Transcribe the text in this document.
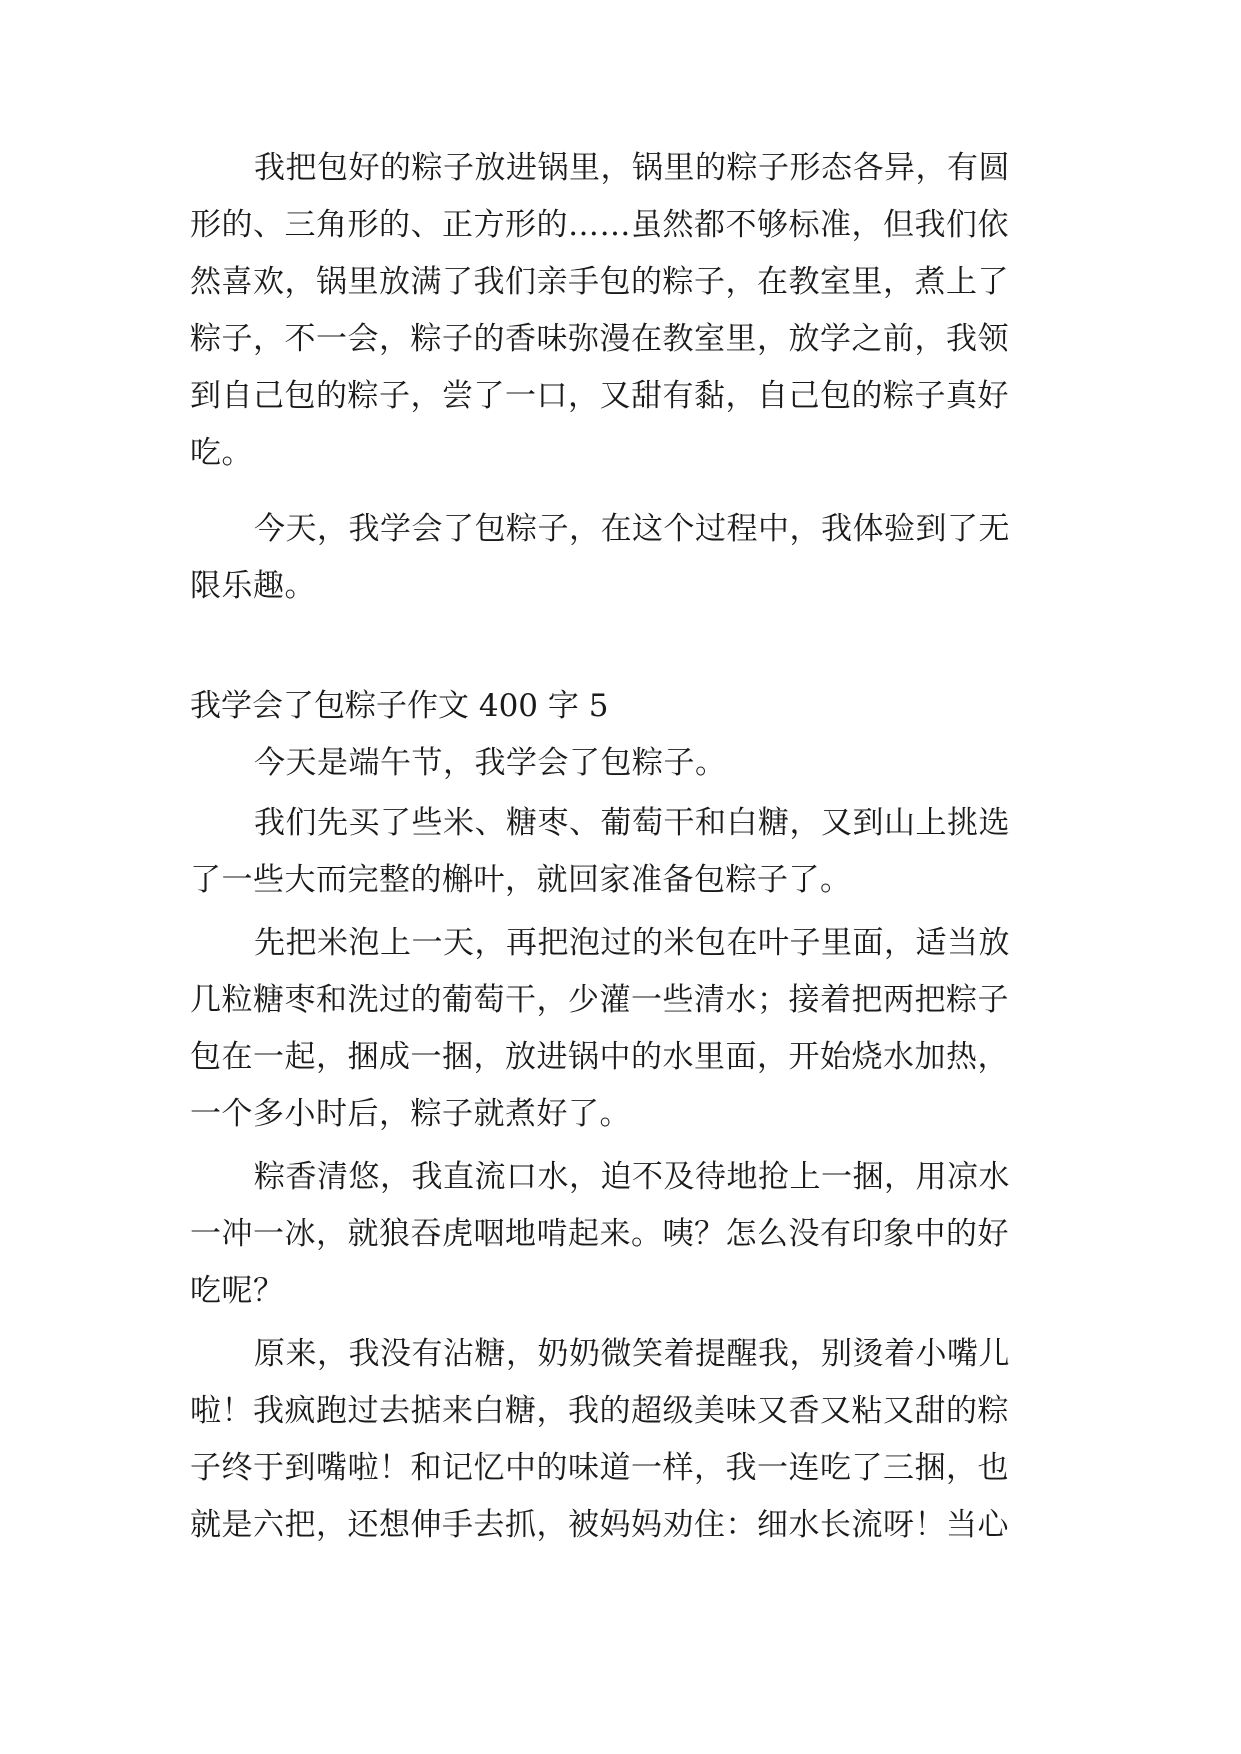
我把包好的粽子放进锅里，锅里的粽子形态各异，有圆
形的、三角形的、正方形的……虽然都不够标准，但我们依
然喜欢，锅里放满了我们亲手包的粽子，在教室里，煮上了
粽子，不一会，粽子的香味弥漫在教室里，放学之前，我领
到自己包的粽子，尝了一口，又甜有黏，自己包的粽子真好
吃。
今天，我学会了包粽子，在这个过程中，我体验到了无
限乐趣。
我学会了包粽子作文 400 字 5
今天是端午节，我学会了包粽子。
我们先买了些米、糖枣、葡萄干和白糖，又到山上挑选
了一些大而完整的槲叶，就回家准备包粽子了。
先把米泡上一天，再把泡过的米包在叶子里面，适当放
几粒糖枣和洗过的葡萄干，少灌一些清水；接着把两把粽子
包在一起，捆成一捆，放进锅中的水里面，开始烧水加热，
一个多小时后，粽子就煮好了。
粽香清悠，我直流口水，迫不及待地抢上一捆，用凉水
一冲一冰，就狼吞虎咽地啃起来。咦？怎么没有印象中的好
吃呢？
原来，我没有沾糖，奶奶微笑着提醒我，别烫着小嘴儿
啦！我疯跑过去掂来白糖，我的超级美味又香又粘又甜的粽
子终于到嘴啦！和记忆中的味道一样，我一连吃了三捆，也
就是六把，还想伸手去抓，被妈妈劝住：细水长流呀！当心
